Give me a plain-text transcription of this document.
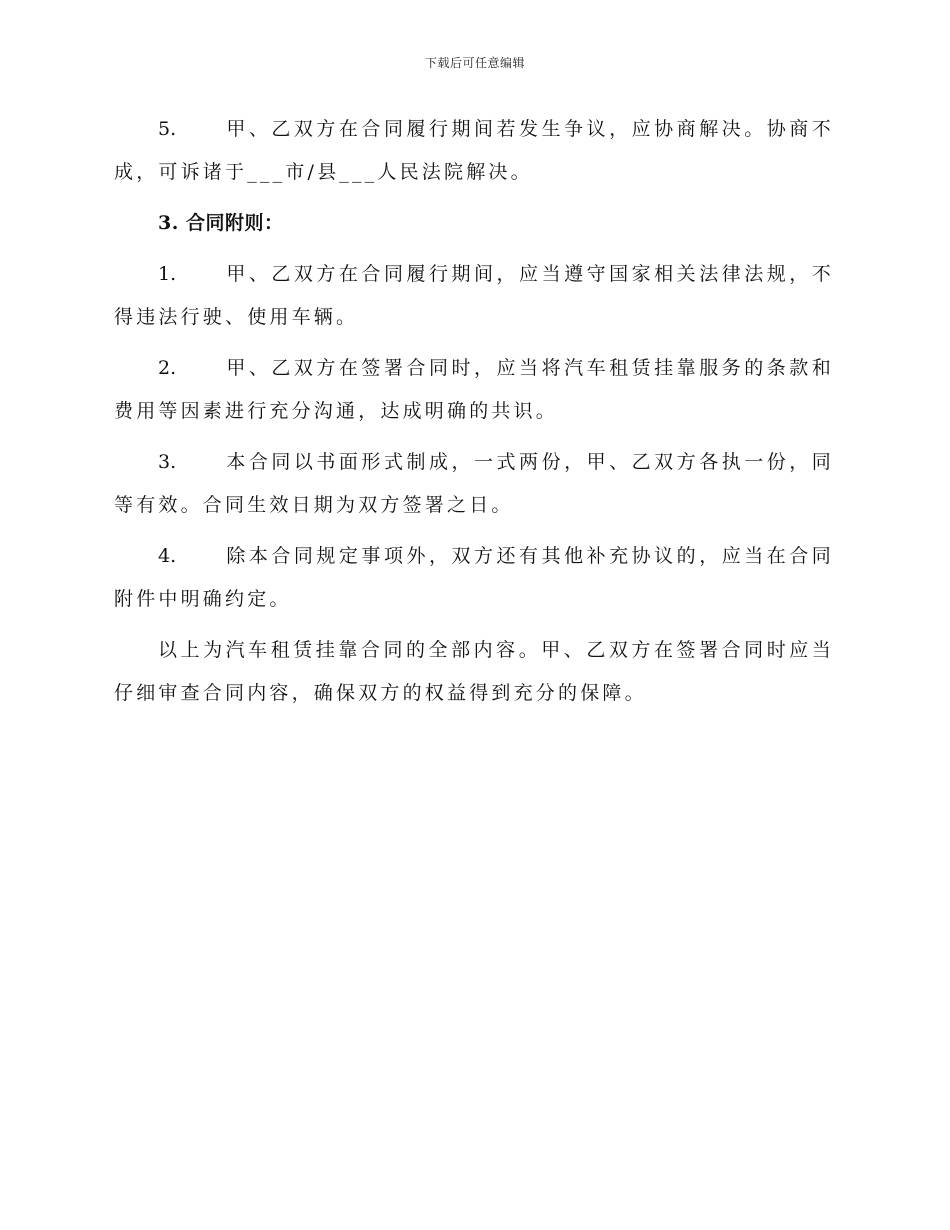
下载后可任意编辑

5.	甲、乙双方在合同履行期间若发生争议，应协商解决。协商不成，可诉诸于___市/县___人民法院解决。

3. 合同附则：

1.	甲、乙双方在合同履行期间，应当遵守国家相关法律法规，不得违法行驶、使用车辆。

2.	甲、乙双方在签署合同时，应当将汽车租赁挂靠服务的条款和费用等因素进行充分沟通，达成明确的共识。

3.	本合同以书面形式制成，一式两份，甲、乙双方各执一份，同等有效。合同生效日期为双方签署之日。

4.	除本合同规定事项外，双方还有其他补充协议的，应当在合同附件中明确约定。

以上为汽车租赁挂靠合同的全部内容。甲、乙双方在签署合同时应当仔细审查合同内容，确保双方的权益得到充分的保障。
